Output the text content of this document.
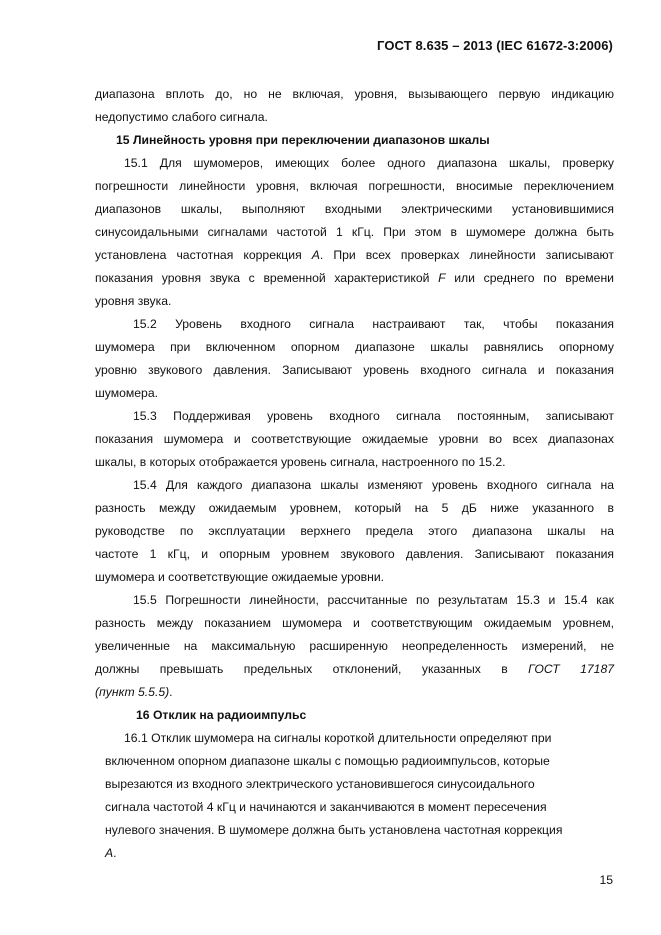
ГОСТ 8.635 – 2013 (IEC 61672-3:2006)
диапазона вплоть до, но не включая, уровня, вызывающего первую индикацию
недопустимо слабого сигнала.
15 Линейность уровня при переключении диапазонов шкалы
15.1 Для шумомеров, имеющих более одного диапазона шкалы, проверку
погрешности линейности уровня, включая погрешности, вносимые переключением
диапазонов шкалы, выполняют входными электрическими установившимися
синусоидальными сигналами частотой 1 кГц. При этом в шумомере должна быть
установлена частотная коррекция A. При всех проверках линейности записывают
показания уровня звука с временной характеристикой F или среднего по времени
уровня звука.
15.2 Уровень входного сигнала настраивают так, чтобы показания
шумомера при включенном опорном диапазоне шкалы равнялись опорному
уровню звукового давления. Записывают уровень входного сигнала и показания
шумомера.
15.3 Поддерживая уровень входного сигнала постоянным, записывают
показания шумомера и соответствующие ожидаемые уровни во всех диапазонах
шкалы, в которых отображается уровень сигнала, настроенного по 15.2.
15.4 Для каждого диапазона шкалы изменяют уровень входного сигнала на
разность между ожидаемым уровнем, который на 5 дБ ниже указанного в
руководстве по эксплуатации верхнего предела этого диапазона шкалы на
частоте 1 кГц, и опорным уровнем звукового давления. Записывают показания
шумомера и соответствующие ожидаемые уровни.
15.5 Погрешности линейности, рассчитанные по результатам 15.3 и 15.4 как
разность между показанием шумомера и соответствующим ожидаемым уровнем,
увеличенные на максимальную расширенную неопределенность измерений, не
должны превышать предельных отклонений, указанных в ГОСТ 17187
(пункт 5.5.5).
16 Отклик на радиоимпульс
16.1 Отклик шумомера на сигналы короткой длительности определяют при
включенном опорном диапазоне шкалы с помощью радиоимпульсов, которые
вырезаются из входного электрического установившегося синусоидального
сигнала частотой 4 кГц и начинаются и заканчиваются в момент пересечения
нулевого значения. В шумомере должна быть установлена частотная коррекция
A.
15
